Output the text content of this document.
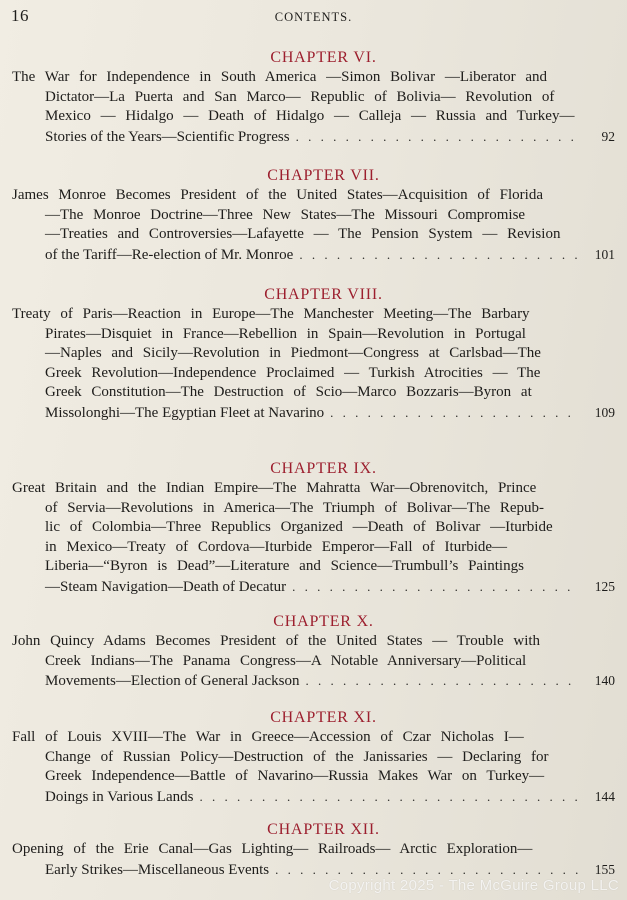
16	CONTENTS.
CHAPTER VI.
The War for Independence in South America —Simon Bolivar —Liberator and
Dictator—La Puerta and San Marco— Republic of Bolivia— Revolution of
Mexico — Hidalgo — Death of Hidalgo — Calleja — Russia and Turkey—
Stories of the Years—Scientific Progress . . .	92
CHAPTER VII.
James Monroe Becomes President of the United States—Acquisition of Florida
—The Monroe Doctrine—Three New States—The Missouri Compromise
—Treaties and Controversies—Lafayette — The Pension System — Revision
of the Tariff—Re-election of Mr. Monroe . . .	101
CHAPTER VIII.
Treaty of Paris—Reaction in Europe—The Manchester Meeting—The Barbary
Pirates—Disquiet in France—Rebellion in Spain—Revolution in Portugal
—Naples and Sicily—Revolution in Piedmont—Congress at Carlsbad—The
Greek Revolution—Independence Proclaimed — Turkish Atrocities — The
Greek Constitution—The Destruction of Scio—Marco Bozzaris—Byron at
Missolonghi—The Egyptian Fleet at Navarino . . .	109
CHAPTER IX.
Great Britain and the Indian Empire—The Mahratta War—Obrenovitch, Prince
of Servia—Revolutions in America—The Triumph of Bolivar—The Repub-
lic of Colombia—Three Republics Organized —Death of Bolivar —Iturbide
in Mexico—Treaty of Cordova—Iturbide Emperor—Fall of Iturbide—
Liberia—“Byron is Dead”—Literature and Science—Trumbull’s Paintings
—Steam Navigation—Death of Decatur . . .	125
CHAPTER X.
John Quincy Adams Becomes President of the United States — Trouble with
Creek Indians—The Panama Congress—A Notable Anniversary—Political
Movements—Election of General Jackson . . .	140
CHAPTER XI.
Fall of Louis XVIII—The War in Greece—Accession of Czar Nicholas I—
Change of Russian Policy—Destruction of the Janissaries — Declaring for
Greek Independence—Battle of Navarino—Russia Makes War on Turkey—
Doings in Various Lands . . .	144
CHAPTER XII.
Opening of the Erie Canal—Gas Lighting— Railroads— Arctic Exploration—
Early Strikes—Miscellaneous Events . . .	155
Copyright 2025 - The McGuire Group LLC
